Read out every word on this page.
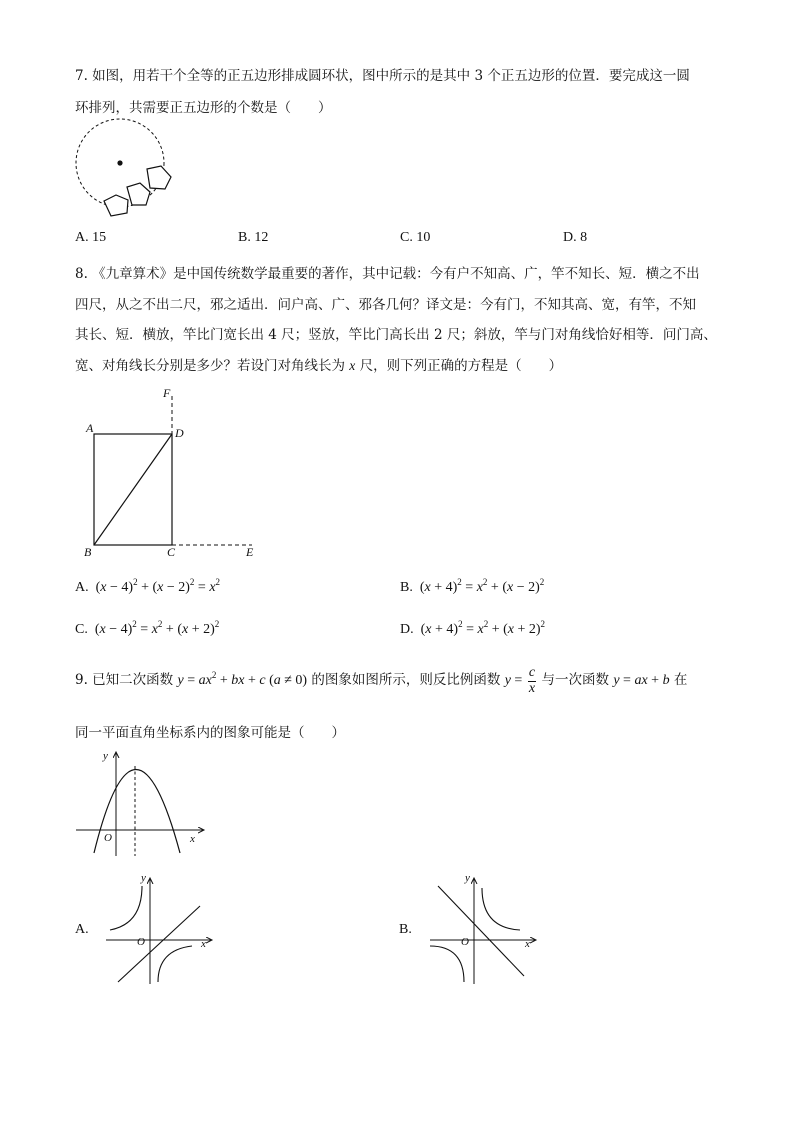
7. 如图，用若干个全等的正五边形排成圆环状，图中所示的是其中 3 个正五边形的位置．要完成这一圆
环排列，共需要正五边形的个数是（　　）
A. 15	B. 12	C. 10	D. 8
8. 《九章算术》是中国传统数学最重要的著作，其中记载：今有户不知高、广，竿不知长、短．横之不出
四尺，从之不出二尺，邪之适出．问户高、广、邪各几何？译文是：今有门，不知其高、宽，有竿，不知
其长、短．横放，竿比门宽长出 4 尺；竖放，竿比门高长出 2 尺；斜放，竿与门对角线恰好相等．问门高、
宽、对角线长分别是多少？若设门对角线长为 x 尺，则下列正确的方程是（　　）
A	D
F
B	C	E
A. $(x - 4)^2 + (x - 2)^2 = x^2$	B. $(x + 4)^2 = x^2 + (x - 2)^2$
C. $(x - 4)^2 = x^2 + (x + 2)^2$	D. $(x + 4)^2 = x^2 + (x + 2)^2$
9. 已知二次函数 $y = ax^2$ + bx + c (a ≠ 0) 的图象如图所示，则反比例函数 $y = \frac{c}{x}$ 与一次函数 y = ax + b 在
同一平面直角坐标系内的图象可能是（　　）
y
x
O
A.
y
x
O
B.
y
x
O
